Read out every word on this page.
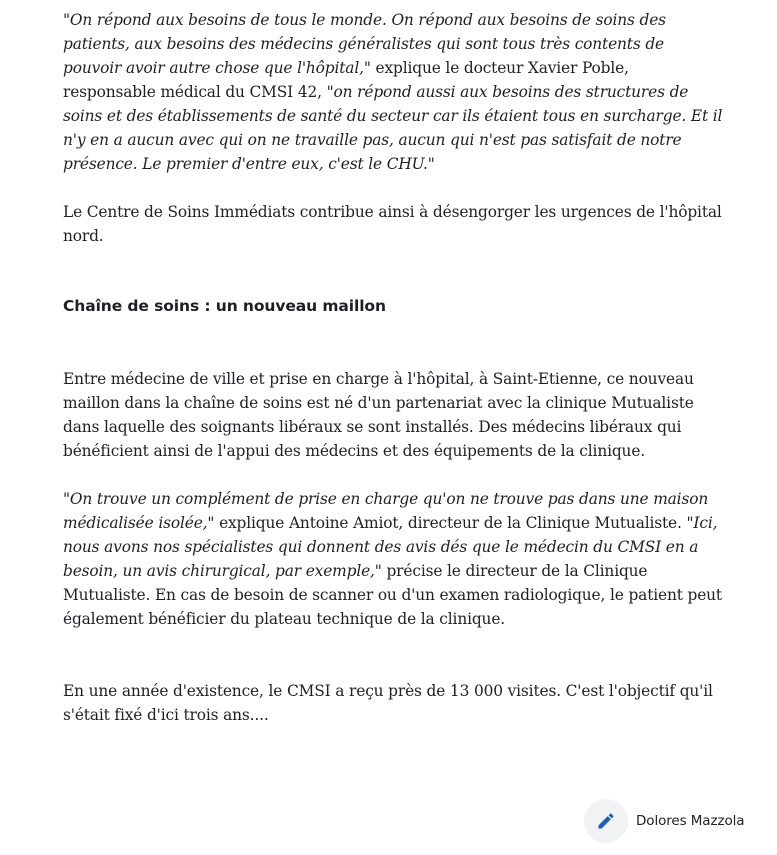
"On répond aux besoins de tous le monde. On répond aux besoins de soins des patients, aux besoins des médecins généralistes qui sont tous très contents de pouvoir avoir autre chose que l'hôpital," explique le docteur Xavier Poble, responsable médical du CMSI 42, "on répond aussi aux besoins des structures de soins et des établissements de santé du secteur car ils étaient tous en surcharge. Et il n'y en a aucun avec qui on ne travaille pas, aucun qui n'est pas satisfait de notre présence. Le premier d'entre eux, c'est le CHU."

Le Centre de Soins Immédiats contribue ainsi à désengorger les urgences de l'hôpital nord.

Chaîne de soins : un nouveau maillon

Entre médecine de ville et prise en charge à l'hôpital, à Saint-Etienne, ce nouveau maillon dans la chaîne de soins est né d'un partenariat avec la clinique Mutualiste dans laquelle des soignants libéraux se sont installés. Des médecins libéraux qui bénéficient ainsi de l'appui des médecins et des équipements de la clinique.

"On trouve un complément de prise en charge qu'on ne trouve pas dans une maison médicalisée isolée," explique Antoine Amiot, directeur de la Clinique Mutualiste. "Ici, nous avons nos spécialistes qui donnent des avis dés que le médecin du CMSI en a besoin, un avis chirurgical, par exemple," précise le directeur de la Clinique Mutualiste. En cas de besoin de scanner ou d'un examen radiologique, le patient peut également bénéficier du plateau technique de la clinique.

En une année d'existence, le CMSI a reçu près de 13 000 visites. C'est l'objectif qu'il s'était fixé d'ici trois ans....

Dolores Mazzola
